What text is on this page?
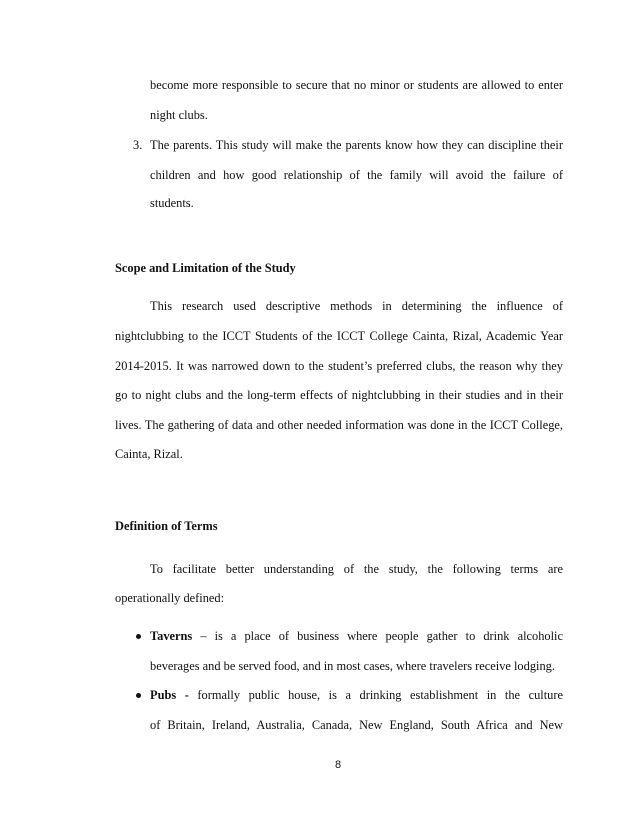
become more responsible to secure that no minor or students are allowed to enter
night clubs.
3. The parents. This study will make the parents know how they can discipline their
children and how good relationship of the family will avoid the failure of
students.
Scope and Limitation of the Study
This research used descriptive methods in determining the influence of
nightclubbing to the ICCT Students of the ICCT College Cainta, Rizal, Academic Year
2014-2015. It was narrowed down to the student’s preferred clubs, the reason why they
go to night clubs and the long-term effects of nightclubbing in their studies and in their
lives. The gathering of data and other needed information was done in the ICCT College,
Cainta, Rizal.
Definition of Terms
To facilitate better understanding of the study, the following terms are
operationally defined:
Taverns – is a place of business where people gather to drink alcoholic
beverages and be served food, and in most cases, where travelers receive lodging.
Pubs - formally public house, is a drinking establishment in the culture
of Britain, Ireland, Australia, Canada, New England, South Africa and New
8
